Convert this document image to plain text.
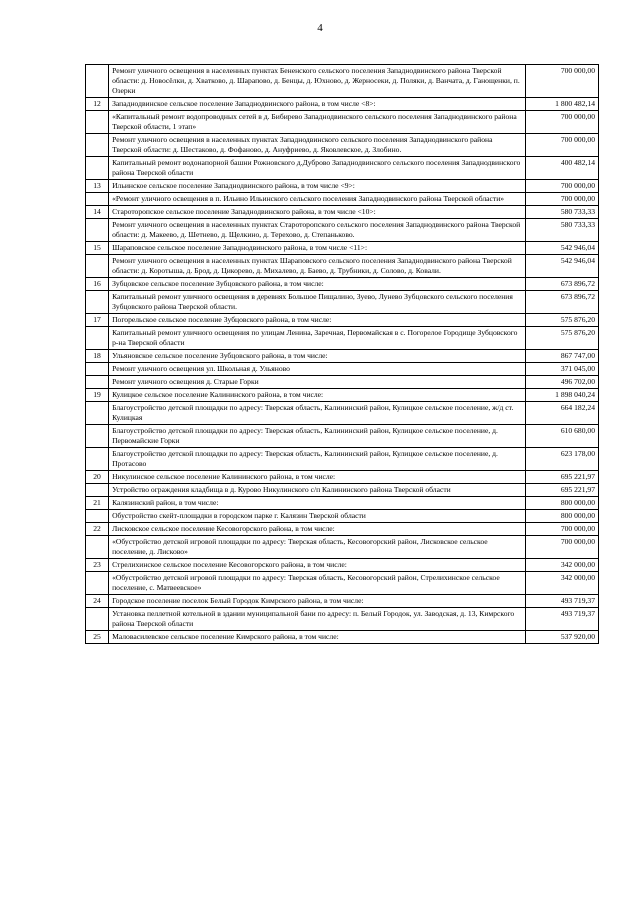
4
	Ремонт уличного освещения в населенных пунктах Бененского сельского поселения Западнодвинского района Тверской области: д. Новосёлки, д. Хватково, д. Шарапово, д. Бенцы, д. Юхново, д. Жерносеки, д. Поляки, д. Ванчата, д. Ганощенки, п. Озерки	700 000,00
12	Западнодвинское сельское поселение Западнодвинского района, в том числе <8>:	1 800 482,14
	«Капитальный ремонт водопроводных сетей в д. Бибирево Западнодвинского сельского поселения Западнодвинского района Тверской области, 1 этап»	700 000,00
	Ремонт уличного освещения в населенных пунктах Западнодвинского сельского поселения Западнодвинского района Тверской области: д. Шестаково, д. Фофаново, д. Ануфриево, д. Яковлевское, д. Злобино.	700 000,00
	Капитальный ремонт водонапорной башни Рожновского д.Дуброво Западнодвинского сельского поселения Западнодвинского района Тверской области	400 482,14
13	Ильинское сельское поселение Западнодвинского района, в том числе <9>:	700 000,00
	«Ремонт уличного освещения в п. Ильино Ильинского сельского поселения Западнодвинского района Тверской области»	700 000,00
14	Староторопское сельское поселение Западнодвинского района, в том числе <10>:	580 733,33
	Ремонт уличного освещения в населенных пунктах Староторопского сельского поселения Западнодвинского района Тверской области: д. Макеево, д. Шетнево, д. Щелкино, д. Терехово, д. Степаньково.	580 733,33
15	Шараповское сельское поселение Западнодвинского района, в том числе <11>:	542 946,04
	Ремонт уличного освещения в населенных пунктах Шараповского сельского поселения Западнодвинского района Тверской области: д. Коротыша, д. Брод, д. Цикорево, д. Михалево, д. Баево, д. Трубники, д. Солово, д. Ковали.	542 946,04
16	Зубцовское сельское поселение Зубцовского района, в том числе:	673 896,72
	Капитальный ремонт уличного освещения в деревнях Большое Пищалино, Зуево, Лунево Зубцовского сельского поселения Зубцовского района Тверской области.	673 896,72
17	Погорельское сельское поселение Зубцовского района, в том числе:	575 876,20
	Капитальный ремонт уличного освещения по улицам Ленина, Заречная, Первомайская в с. Погорелое Городище Зубцовского р-на Тверской области	575 876,20
18	Ульяновское сельское поселение Зубцовского района, в том числе:	867 747,00
	Ремонт уличного освещения ул. Школьная д. Ульяново	371 045,00
	Ремонт уличного освещения д. Старые Горки	496 702,00
19	Кулицкое сельское поселение Калининского района, в том числе:	1 898 040,24
	Благоустройство детской площадки по адресу: Тверская область, Калининский район, Кулицкое сельское поселение, ж/д ст. Кулицкая	664 182,24
	Благоустройство детской площадки по адресу: Тверская область, Калининский район, Кулицкое сельское поселение, д. Первомайские Горки	610 680,00
	Благоустройство детской площадки по адресу: Тверская область, Калининский район, Кулицкое сельское поселение, д. Протасово	623 178,00
20	Никулинское сельское поселение Калининского района, в том числе:	695 221,97
	Устройство ограждения кладбища в д. Курово Никулинского с/п Калининского района Тверской области	695 221,97
21	Калязинский район, в том числе:	800 000,00
	Обустройство скейт-площадки в городском парке г. Калязин Тверской области	800 000,00
22	Лисковское сельское поселение Кесовогорского района, в том числе:	700 000,00
	«Обустройство детской игровой площадки по адресу: Тверская область, Кесовогорский район, Лисковское сельское поселение, д. Лисково»	700 000,00
23	Стрелихинское сельское поселение Кесовогорского района, в том числе:	342 000,00
	«Обустройство детской игровой площадки по адресу: Тверская область, Кесовогорский район, Стрелихинское сельское поселение, с. Матвеевское»	342 000,00
24	Городское поселение поселок Белый Городок Кимрского района, в том числе:	493 719,37
	Установка пеллетной котельной в здании муниципальной бани по адресу: п. Белый Городок, ул. Заводская, д. 13, Кимрского района Тверской области	493 719,37
25	Маловасилевское сельское поселение Кимрского района, в том числе:	537 920,00
